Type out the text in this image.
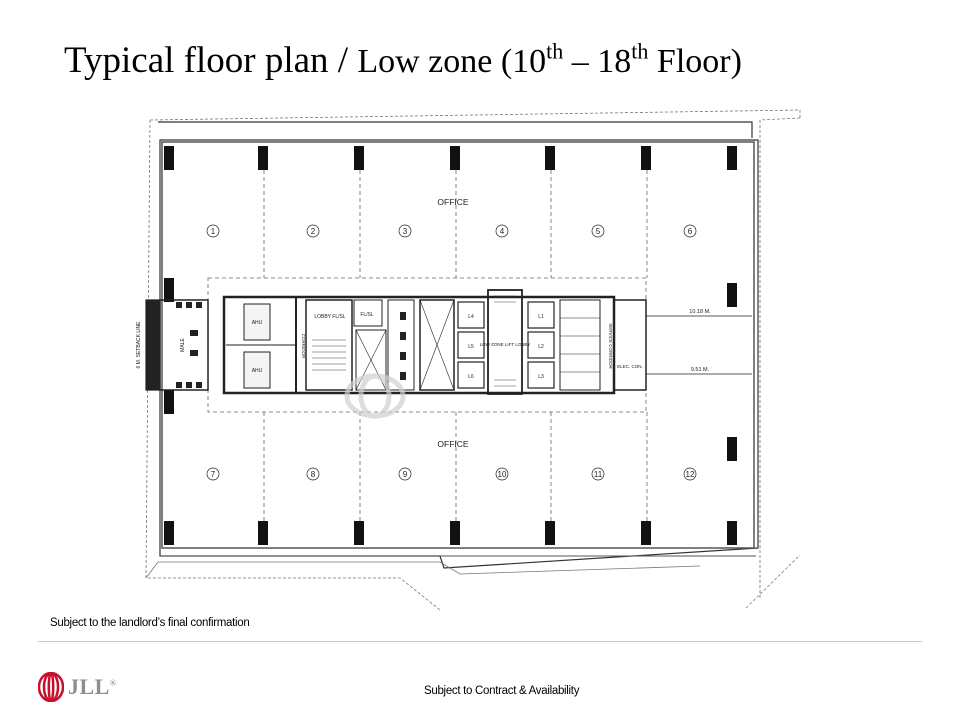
Typical floor plan / Low zone (10th – 18th Floor)
OFFICE
OFFICE
1	2	3	4	5	6
7	8	9	10	11	12
6 M. SETBACK LINE
10.18 M.
9.51 M.
MALE
AHU
AHU
LOBBY FL/SL	FL/SL	L4
L5
L6
L1
L2
L3
LOW ZONE LIFT LOBBY	SERVICE CORRIDOR ELEC. CON.
CORRIDOR
Subject to the landlord’s final confirmation
JLL®
Subject to Contract & Availability
